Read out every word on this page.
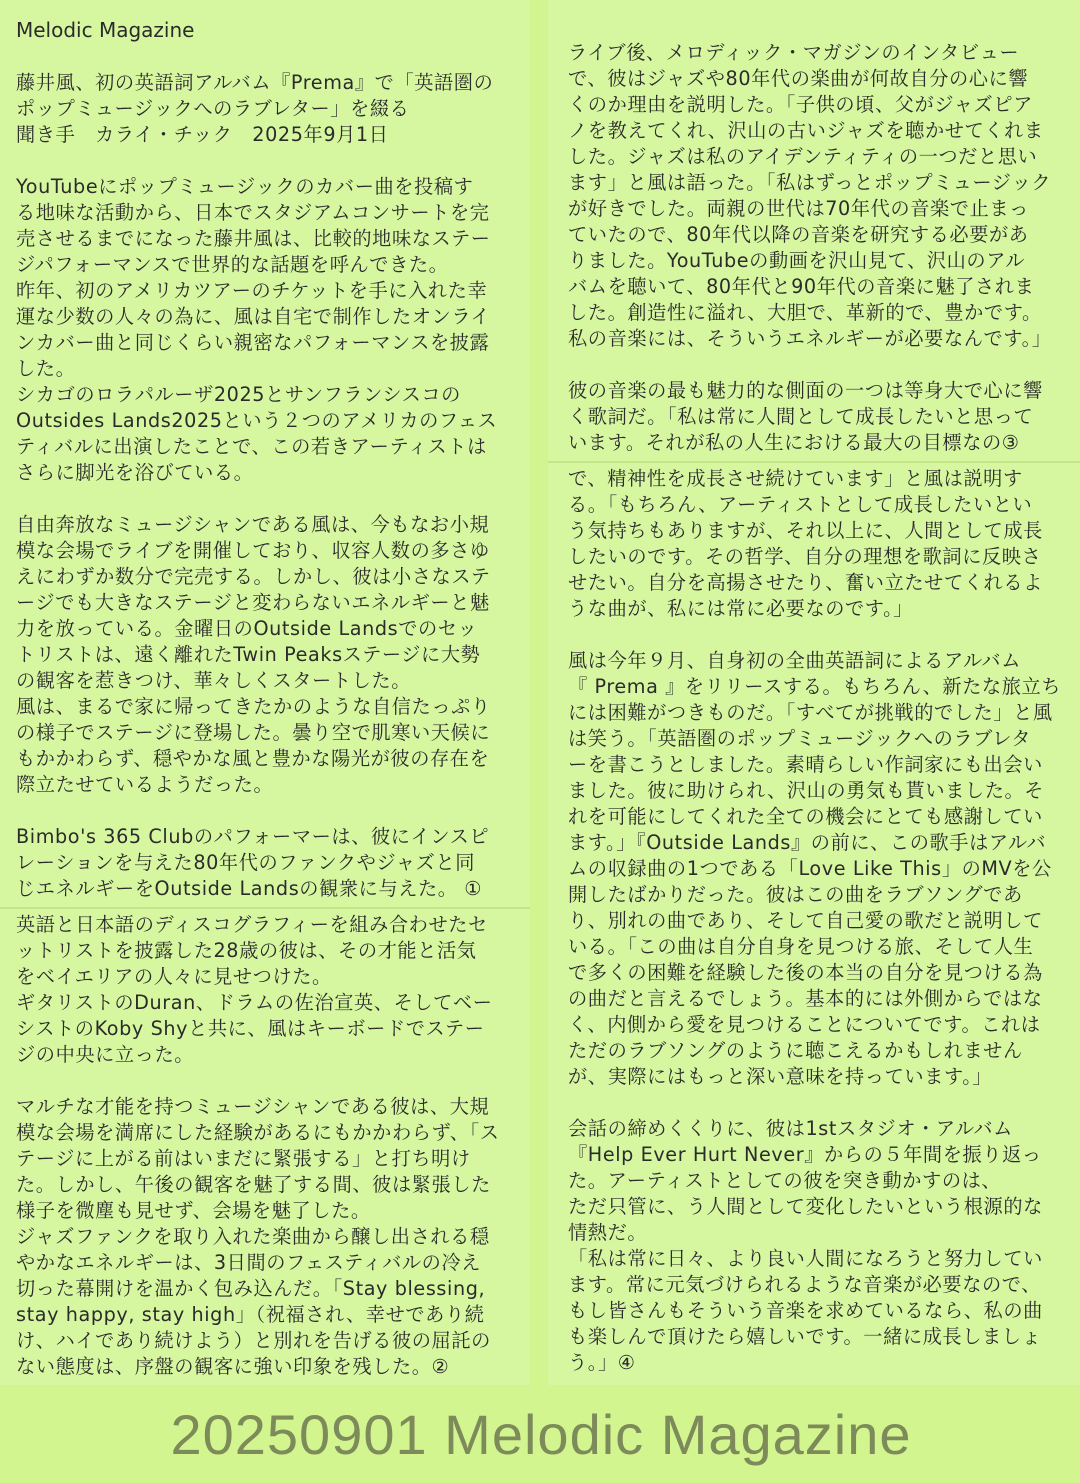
Melodic Magazine

藤井風、初の英語詞アルバム『Prema』で「英語圏の
ポップミュージックへのラブレター」を綴る
聞き手　カライ・チック　2025年9月1日

YouTubeにポップミュージックのカバー曲を投稿す
る地味な活動から、日本でスタジアムコンサートを完
売させるまでになった藤井風は、比較的地味なステー
ジパフォーマンスで世界的な話題を呼んできた。
昨年、初のアメリカツアーのチケットを手に入れた幸
運な少数の人々の為に、風は自宅で制作したオンライ
ンカバー曲と同じくらい親密なパフォーマンスを披露
した。
シカゴのロラパルーザ2025とサンフランシスコの
Outsides Lands2025という２つのアメリカのフェス
ティバルに出演したことで、この若きアーティストは
さらに脚光を浴びている。

自由奔放なミュージシャンである風は、今もなお小規
模な会場でライブを開催しており、収容人数の多さゆ
えにわずか数分で完売する。しかし、彼は小さなステ
ージでも大きなステージと変わらないエネルギーと魅
力を放っている。金曜日のOutside Landsでのセッ
トリストは、遠く離れたTwin Peaksステージに大勢
の観客を惹きつけ、華々しくスタートした。
風は、まるで家に帰ってきたかのような自信たっぷり
の様子でステージに登場した。曇り空で肌寒い天候に
もかかわらず、穏やかな風と豊かな陽光が彼の存在を
際立たせているようだった。

Bimbo's 365 Clubのパフォーマーは、彼にインスピ
レーションを与えた80年代のファンクやジャズと同
じエネルギーをOutside Landsの観衆に与えた。 ①

英語と日本語のディスコグラフィーを組み合わせたセ
ットリストを披露した28歳の彼は、その才能と活気
をベイエリアの人々に見せつけた。
ギタリストのDuran、ドラムの佐治宣英、そしてベー
シストのKoby Shyと共に、風はキーボードでステー
ジの中央に立った。

マルチな才能を持つミュージシャンである彼は、大規
模な会場を満席にした経験があるにもかかわらず、「ス
テージに上がる前はいまだに緊張する」と打ち明け
た。しかし、午後の観客を魅了する間、彼は緊張した
様子を微塵も見せず、会場を魅了した。
ジャズファンクを取り入れた楽曲から醸し出される穏
やかなエネルギーは、3日間のフェスティバルの冷え
切った幕開けを温かく包み込んだ。「Stay blessing,
stay happy, stay high」（祝福され、幸せであり続
け、ハイであり続けよう）と別れを告げる彼の屈託の
ない態度は、序盤の観客に強い印象を残した。②

ライブ後、メロディック・マガジンのインタビュー
で、彼はジャズや80年代の楽曲が何故自分の心に響
くのか理由を説明した。「子供の頃、父がジャズピア
ノを教えてくれ、沢山の古いジャズを聴かせてくれま
した。ジャズは私のアイデンティティの一つだと思い
ます」と風は語った。「私はずっとポップミュージック
が好きでした。両親の世代は70年代の音楽で止まっ
ていたので、80年代以降の音楽を研究する必要があ
りました。YouTubeの動画を沢山見て、沢山のアル
バムを聴いて、80年代と90年代の音楽に魅了されま
した。創造性に溢れ、大胆で、革新的で、豊かです。
私の音楽には、そういうエネルギーが必要なんです。」

彼の音楽の最も魅力的な側面の一つは等身大で心に響
く歌詞だ。「私は常に人間として成長したいと思って
います。それが私の人生における最大の目標なの③

で、精神性を成長させ続けています」と風は説明す
る。「もちろん、アーティストとして成長したいとい
う気持ちもありますが、それ以上に、人間として成長
したいのです。その哲学、自分の理想を歌詞に反映さ
せたい。自分を高揚させたり、奮い立たせてくれるよ
うな曲が、私には常に必要なのです。」

風は今年９月、自身初の全曲英語詞によるアルバム
『 Prema 』をリリースする。もちろん、新たな旅立ち
には困難がつきものだ。「すべてが挑戦的でした」と風
は笑う。「英語圏のポップミュージックへのラブレタ
ーを書こうとしました。素晴らしい作詞家にも出会い
ました。彼に助けられ、沢山の勇気も貰いました。そ
れを可能にしてくれた全ての機会にとても感謝してい
ます。」『Outside Lands』の前に、この歌手はアルバ
ムの収録曲の1つである「Love Like This」のMVを公
開したばかりだった。彼はこの曲をラブソングであ
り、別れの曲であり、そして自己愛の歌だと説明して
いる。「この曲は自分自身を見つける旅、そして人生
で多くの困難を経験した後の本当の自分を見つける為
の曲だと言えるでしょう。基本的には外側からではな
く、内側から愛を見つけることについてです。これは
ただのラブソングのように聴こえるかもしれません
が、実際にはもっと深い意味を持っています。」

会話の締めくくりに、彼は1stスタジオ・アルバム
『Help Ever Hurt Never』からの５年間を振り返っ
た。アーティストとしての彼を突き動かすのは、
ただ只管に、う人間として変化したいという根源的な
情熱だ。
「私は常に日々、より良い人間になろうと努力してい
ます。常に元気づけられるような音楽が必要なので、
もし皆さんもそういう音楽を求めているなら、私の曲
も楽しんで頂けたら嬉しいです。一緒に成長しましょ
う。」④

20250901 Melodic Magazine
